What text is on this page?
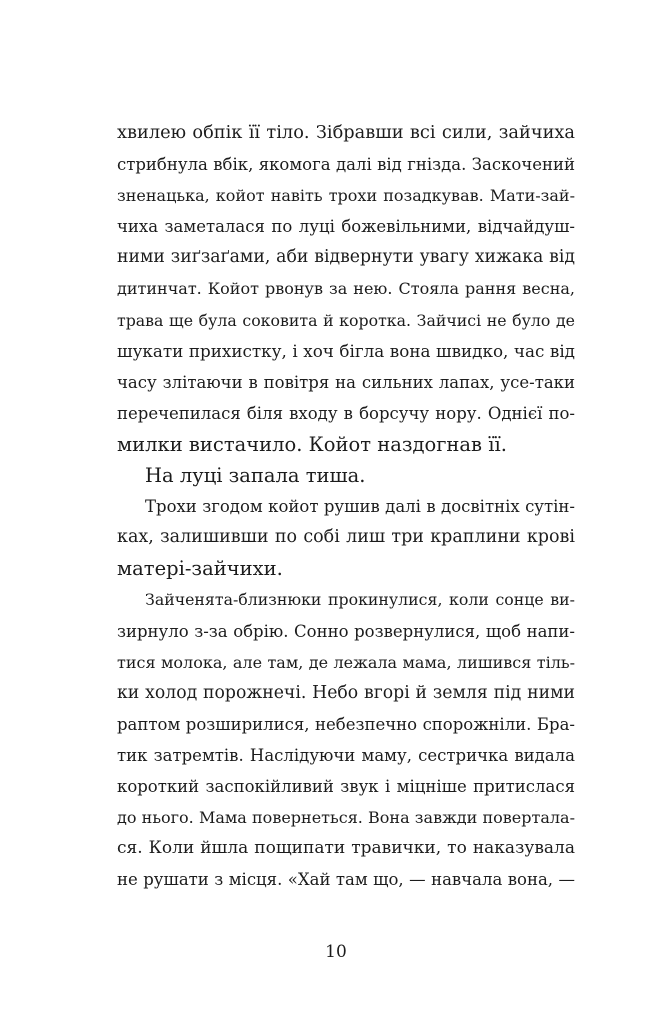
хвилею обпік її тіло. Зібравши всі сили, зайчиха
стрибнула вбік, якомога далі від гнізда. Заскочений
зненацька, койот навіть трохи позадкував. Мати-зай-
чиха заметалася по луці божевільними, відчайдуш-
ними зиґзаґами, аби відвернути увагу хижака від
дитинчат. Койот рвонув за нею. Стояла рання весна,
трава ще була соковита й коротка. Зайчисі не було де
шукати прихистку, і хоч бігла вона швидко, час від
часу злітаючи в повітря на сильних лапах, усе-таки
перечепилася біля входу в борсучу нору. Однієї по-
милки вистачило. Койот наздогнав її.
На луці запала тиша.
Трохи згодом койот рушив далі в досвітніх сутін-
ках, залишивши по собі лиш три краплини крові
матері-зайчихи.
Зайченята-близнюки прокинулися, коли сонце ви-
зирнуло з-за обрію. Сонно розвернулися, щоб напи-
тися молока, але там, де лежала мама, лишився тіль-
ки холод порожнечі. Небо вгорі й земля під ними
раптом розширилися, небезпечно спорожніли. Бра-
тик затремтів. Наслідуючи маму, сестричка видала
короткий заспокійливий звук і міцніше притислася
до нього. Мама повернеться. Вона завжди поверталa-
ся. Коли йшла пощипати травички, то наказувала
не рушати з місця. «Хай там що, — навчала вона, —
10
